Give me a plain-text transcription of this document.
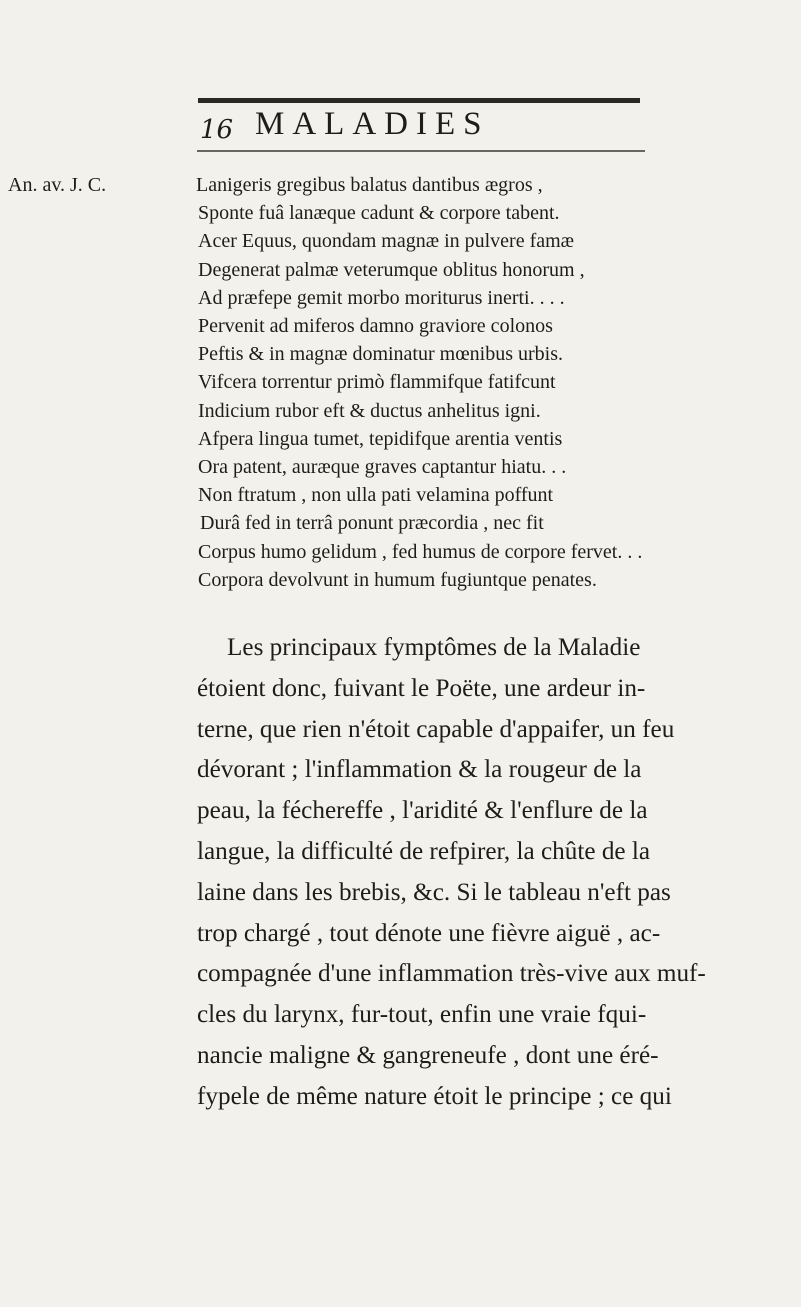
16 MALADIES
An. av. J. C.	Lanigeris gregibus balatus dantibus ægros ,
Sponte fuâ lanæque cadunt & corpore tabent.
Acer Equus, quondam magnæ in pulvere famæ
Degenerat palmæ veterumque oblitus honorum ,
Ad præfepe gemit morbo moriturus inerti. . . .
Pervenit ad miferos damno graviore colonos
Peftis & in magnæ dominatur mœnibus urbis.
Vifcera torrentur primò flammifque fatifcunt
Indicium rubor eft & ductus anhelitus igni.
Afpera lingua tumet, tepidifque arentia ventis
Ora patent, auræque graves captantur hiatu. . .
Non ftratum , non ulla pati velamina poffunt
Durâ fed in terrâ ponunt præcordia , nec fit
Corpus humo gelidum , fed humus de corpore fervet. . .
Corpora devolvunt in humum fugiuntque penates.
Les principaux fymptômes de la Maladie
étoient donc, fuivant le Poëte, une ardeur in-
terne, que rien n'étoit capable d'appaifer, un feu
dévorant ; l'inflammation & la rougeur de la
peau, la féchereffe , l'aridité & l'enflure de la
langue, la difficulté de refpirer, la chûte de la
laine dans les brebis, &c. Si le tableau n'eft pas
trop chargé , tout dénote une fièvre aiguë , ac-
compagnée d'une inflammation très-vive aux muf-
cles du larynx, fur-tout, enfin une vraie fqui-
nancie maligne & gangreneufe , dont une éré-
fypele de même nature étoit le principe ; ce qui
